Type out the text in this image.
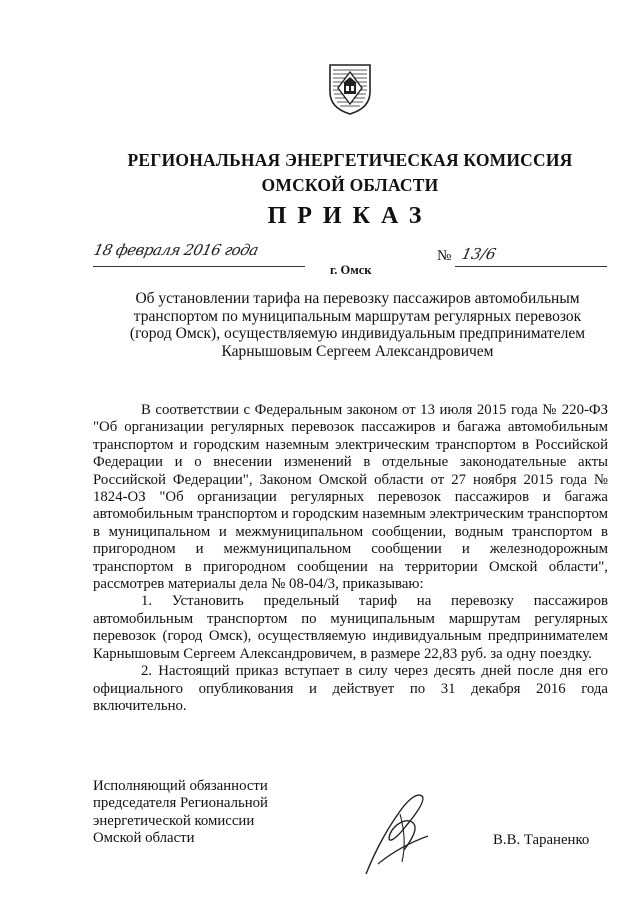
РЕГИОНАЛЬНАЯ ЭНЕРГЕТИЧЕСКАЯ КОМИССИЯ
ОМСКОЙ ОБЛАСТИ
ПРИКАЗ
18 февраля 2016 года
г. Омск
№ 13/6
Об установлении тарифа на перевозку пассажиров автомобильным
транспортом по муниципальным маршрутам регулярных перевозок
(город Омск), осуществляемую индивидуальным предпринимателем
Карнышовым Сергеем Александровичем

В соответствии с Федеральным законом от 13 июля 2015 года № 220-ФЗ "Об организации регулярных перевозок пассажиров и багажа автомобильным транспортом и городским наземным электрическим транспортом в Российской Федерации и о внесении изменений в отдельные законодательные акты Российской Федерации", Законом Омской области от 27 ноября 2015 года № 1824-ОЗ "Об организации регулярных перевозок пассажиров и багажа автомобильным транспортом и городским наземным электрическим транспортом в муниципальном и межмуниципальном сообщении, водным транспортом в пригородном и межмуниципальном сообщении и железнодорожным транспортом в пригородном сообщении на территории Омской области", рассмотрев материалы дела № 08-04/3, приказываю:

1. Установить предельный тариф на перевозку пассажиров автомобильным транспортом по муниципальным маршрутам регулярных перевозок (город Омск), осуществляемую индивидуальным предпринимателем Карнышовым Сергеем Александровичем, в размере 22,83 руб. за одну поездку.

2. Настоящий приказ вступает в силу через десять дней после дня его официального опубликования и действует по 31 декабря 2016 года включительно.

Исполняющий обязанности
председателя Региональной
энергетической комиссии
Омской области	В.В. Тараненко
